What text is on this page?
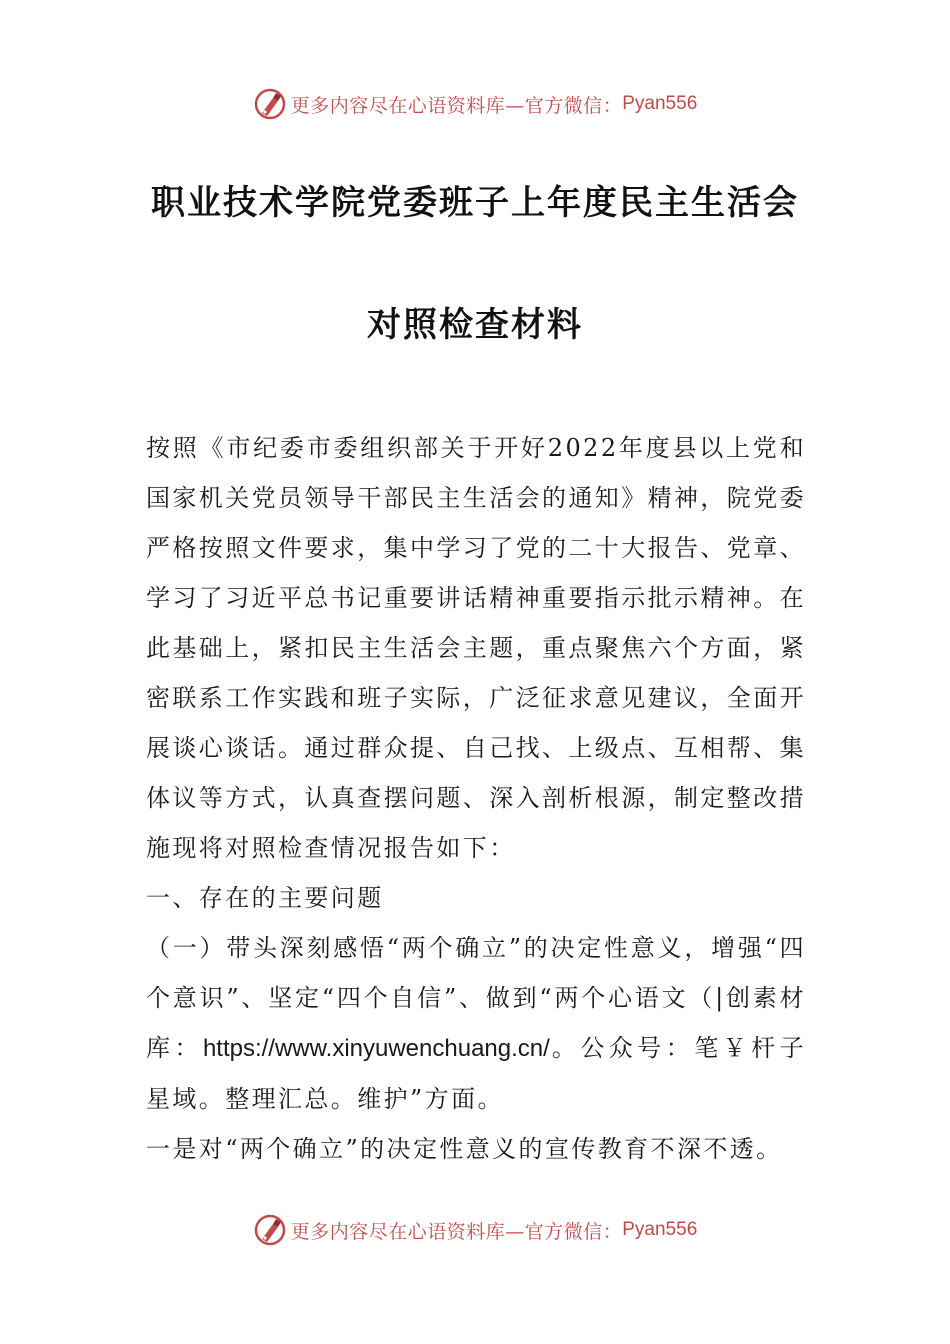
更多内容尽在心语资料库—官方微信： Pyan556
职业技术学院党委班子上年度民主生活会
对照检查材料

按照《市纪委市委组织部关于开好2022年度县以上党和国家机关党员领导干部民主生活会的通知》精神，院党委严格按照文件要求，集中学习了党的二十大报告、党章、学习了习近平总书记重要讲话精神重要指示批示精神。在此基础上，紧扣民主生活会主题，重点聚焦六个方面，紧密联系工作实践和班子实际，广泛征求意见建议，全面开展谈心谈话。通过群众提、自己找、上级点、互相帮、集体议等方式，认真查摆问题、深入剖析根源，制定整改措施现将对照检查情况报告如下：

一、存在的主要问题

（一）带头深刻感悟“两个确立”的决定性意义，增强“四个意识”、坚定“四个自信”、做到“两个心语文（|创素材库：https://www.xinyuwenchuang.cn/。公众号：笔￥杆子星域。整理汇总。维护”方面。

一是对“两个确立”的决定性意义的宣传教育不深不透。

更多内容尽在心语资料库—官方微信： Pyan556
